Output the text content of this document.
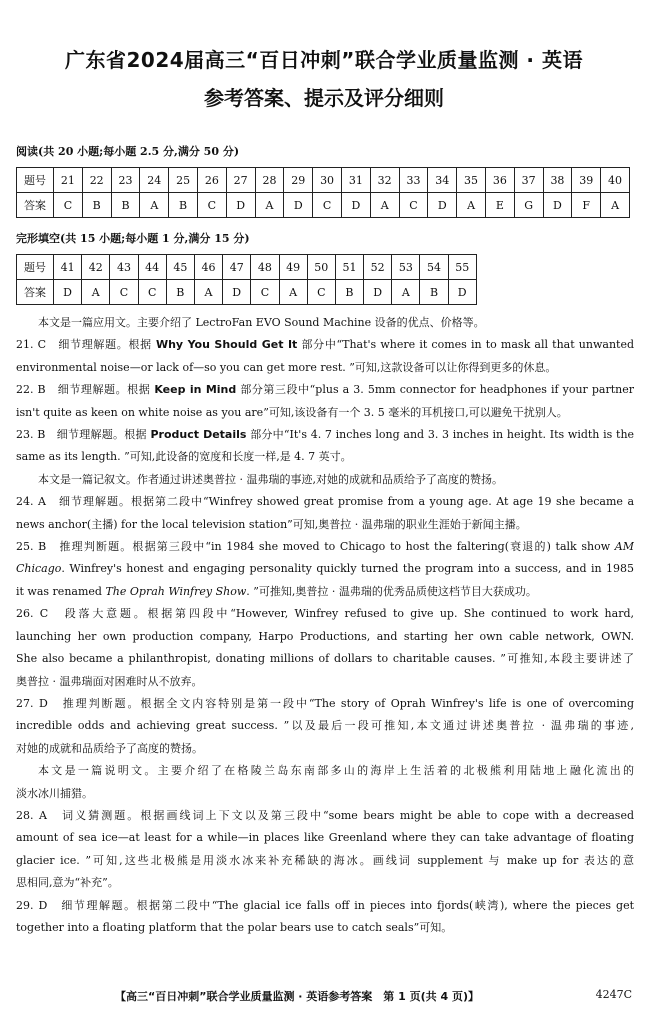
广东省2024届高三“百日冲刺”联合学业质量监测 · 英语
参考答案、提示及评分细则
阅读(共 20 小题;每小题 2.5 分,满分 50 分)
题号	21	22	23	24	25	26	27	28	29	30	31	32	33	34	35	36	37	38	39	40
答案	C	B	B	A	B	C	D	A	D	C	D	A	C	D	A	E	G	D	F	A
完形填空(共 15 小题;每小题 1 分,满分 15 分)
题号	41	42	43	44	45	46	47	48	49	50	51	52	53	54	55
答案	D	A	C	C	B	A	D	C	A	C	B	D	A	B	D

本文是一篇应用文。主要介绍了 LectroFan EVO Sound Machine 设备的优点、价格等。

21. C　细节理解题。根据 Why You Should Get It 部分中“That's where it comes in to mask all that unwanted

environmental noise—or lack of—so you can get more rest. ”可知,这款设备可以让你得到更多的休息。

22. B　细节理解题。根据 Keep in Mind 部分第三段中“plus a 3. 5mm connector for headphones if your partner

isn't quite as keen on white noise as you are”可知,该设备有一个 3. 5 毫米的耳机接口,可以避免干扰别人。

23. B　细节理解题。根据 Product Details 部分中“It's 4. 7 inches long and 3. 3 inches in height. Its width is the

same as its length. ”可知,此设备的宽度和长度一样,是 4. 7 英寸。

本文是一篇记叙文。作者通过讲述奥普拉 · 温弗瑞的事迹,对她的成就和品质给予了高度的赞扬。

24. A　细节理解题。根据第二段中“Winfrey showed great promise from a young age. At age 19 she became a

news anchor(主播) for the local television station”可知,奥普拉 · 温弗瑞的职业生涯始于新闻主播。

25. B　推理判断题。根据第三段中“in 1984 she moved to Chicago to host the faltering(衰退的) talk show AM

Chicago. Winfrey's honest and engaging personality quickly turned the program into a success, and in 1985

it was renamed The Oprah Winfrey Show. ”可推知,奥普拉 · 温弗瑞的优秀品质使这档节目大获成功。

26. C　段落大意题。根据第四段中“However, Winfrey refused to give up. She continued to work hard,

launching her own production company, Harpo Productions, and starting her own cable network, OWN.

She also became a philanthropist, donating millions of dollars to charitable causes. ”可推知,本段主要讲述了

奥普拉 · 温弗瑞面对困难时从不放弃。

27. D　推理判断题。根据全文内容特别是第一段中“The story of Oprah Winfrey's life is one of overcoming

incredible odds and achieving great success. ”以及最后一段可推知,本文通过讲述奥普拉 · 温弗瑞的事迹,

对她的成就和品质给予了高度的赞扬。

本文是一篇说明文。主要介绍了在格陵兰岛东南部多山的海岸上生活着的北极熊利用陆地上融化流出的

淡水冰川捕猎。

28. A　词义猜测题。根据画线词上下文以及第三段中“some bears might be able to cope with a decreased

amount of sea ice—at least for a while—in places like Greenland where they can take advantage of floating

glacier ice. ”可知,这些北极熊是用淡水冰来补充稀缺的海冰。画线词 supplement 与 make up for 表达的意

思相同,意为“补充”。

29. D　细节理解题。根据第二段中“The glacial ice falls off in pieces into fjords(峡湾), where the pieces get

together into a floating platform that the polar bears use to catch seals”可知。

【高三“百日冲刺”联合学业质量监测 · 英语参考答案　第 1 页(共 4 页)】	4247C
